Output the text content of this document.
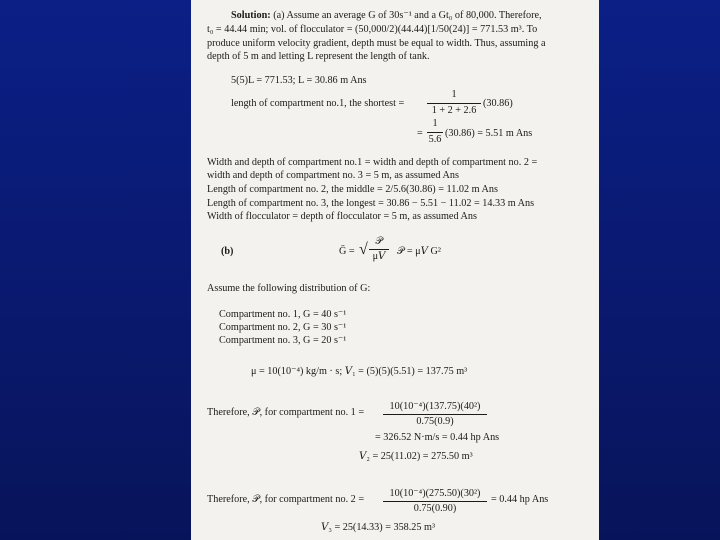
Solution: (a) Assume an average G of 30s⁻¹ and a Gt₀ of 80,000. Therefore,
t₀ = 44.44 min; vol. of flocculator = (50,000/2)(44.44)[1/50(24)] = 771.53 m³. To
produce uniform velocity gradient, depth must be equal to width. Thus, assuming a
depth of 5 m and letting L represent the length of tank.
5(5)L = 771.53; L = 30.86 m Ans
length of compartment no.1, the shortest =
1
1 + 2 + 2.6
(30.86)
=
1
5.6
(30.86) = 5.51 m Ans
Width and depth of compartment no.1 = width and depth of compartment no. 2 =
width and depth of compartment no. 3 = 5 m, as assumed Ans
Length of compartment no. 2, the middle = 2/5.6(30.86) = 11.02 m Ans
Length of compartment no. 3, the longest = 30.86 − 5.51 − 11.02 = 14.33 m Ans
Width of flocculator = depth of flocculator = 5 m, as assumed Ans
(b)	Ḡ = √ 𝒫
μ𝑉	𝒫 = μ𝑉 G²
Assume the following distribution of G:
Compartment no. 1, G = 40 s⁻¹
Compartment no. 2, G = 30 s⁻¹
Compartment no. 3, G = 20 s⁻¹
μ = 10(10⁻⁴) kg/m · s; 𝑉₁ = (5)(5)(5.51) = 137.75 m³
Therefore, 𝒫, for compartment no. 1 =
10(10⁻⁴)(137.75)(40²)
0.75(0.9)
= 326.52 N·m/s = 0.44 hp Ans
𝑉₂ = 25(11.02) = 275.50 m³
Therefore, 𝒫, for compartment no. 2 =
10(10⁻⁴)(275.50)(30²)
0.75(0.90)
= 0.44 hp Ans
𝑉₃ = 25(14.33) = 358.25 m³
